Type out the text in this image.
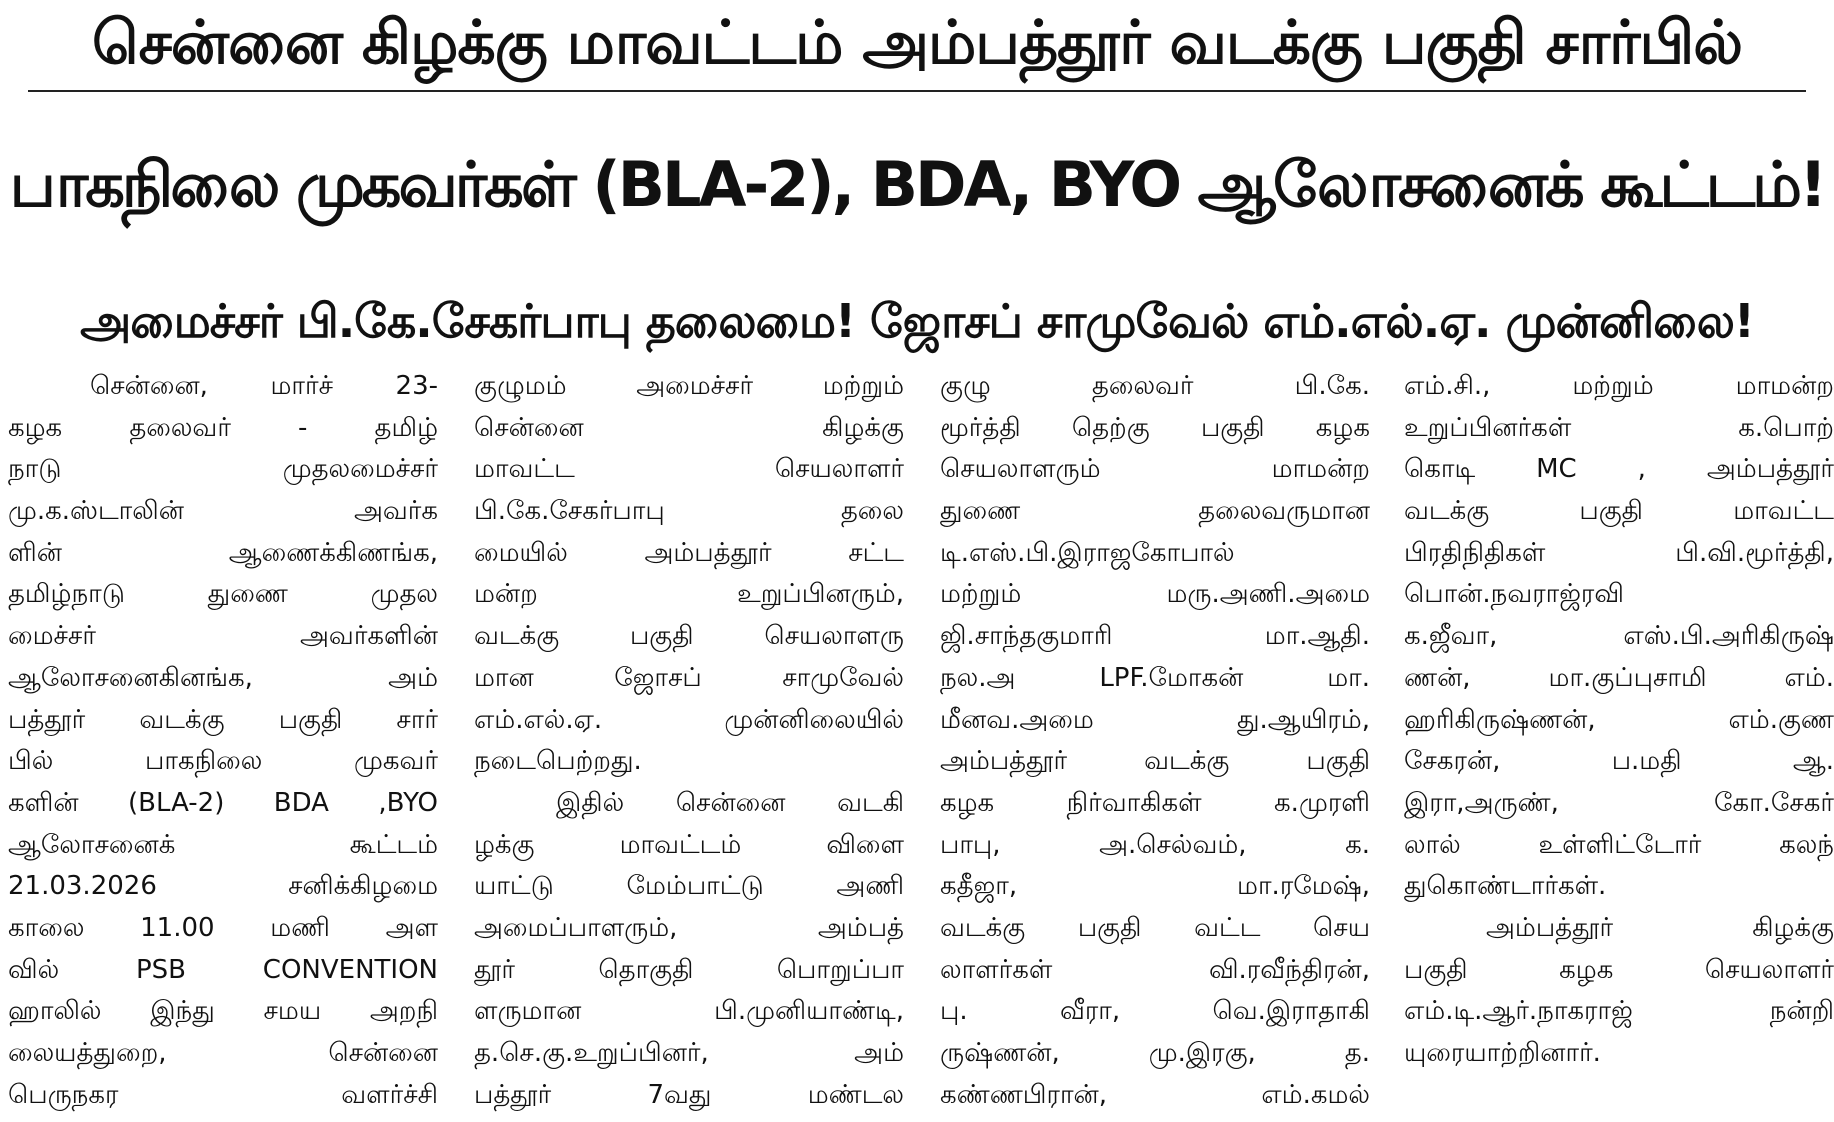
சென்னை கிழக்கு மாவட்டம் அம்பத்தூர் வடக்கு பகுதி சார்பில்
பாகநிலை முகவர்கள் (BLA-2), BDA, BYO ஆலோசனைக் கூட்டம்!
அமைச்சர் பி.கே.சேகர்பாபு தலைமை! ஜோசப் சாமுவேல் எம்.எல்.ஏ. முன்னிலை!
சென்னை, மார்ச் 23-
கழக தலைவர் - தமிழ்
நாடு முதலமைச்சர்
மு.க.ஸ்டாலின் அவர்க
ளின் ஆணைக்கிணங்க,
தமிழ்நாடு துணை முதல
மைச்சர் அவர்களின்
ஆலோசனைகினங்க, அம்
பத்தூர் வடக்கு பகுதி சார்
பில் பாகநிலை முகவர்
களின் (BLA-2) BDA ,BYO
ஆலோசனைக் கூட்டம்
21.03.2026 சனிக்கிழமை
காலை 11.00 மணி அள
வில் PSB CONVENTION
ஹாலில் இந்து சமய அறநி
லையத்துறை, சென்னை
பெருநகர வளர்ச்சி
குழுமம் அமைச்சர் மற்றும்
சென்னை கிழக்கு
மாவட்ட செயலாளர்
பி.கே.சேகர்பாபு தலை
மையில் அம்பத்தூர் சட்ட
மன்ற உறுப்பினரும்,
வடக்கு பகுதி செயலாளரு
மான ஜோசப் சாமுவேல்
எம்.எல்.ஏ. முன்னிலையில்
நடைபெற்றது.
இதில் சென்னை வடகி
ழக்கு மாவட்டம் விளை
யாட்டு மேம்பாட்டு அணி
அமைப்பாளரும், அம்பத்
தூர் தொகுதி பொறுப்பா
ளருமான பி.முனியாண்டி,
த.செ.கு.உறுப்பினர், அம்
பத்தூர் 7வது மண்டல
குழு தலைவர் பி.கே.
மூர்த்தி தெற்கு பகுதி கழக
செயலாளரும் மாமன்ற
துணை தலைவருமான
டி.எஸ்.பி.இராஜகோபால்
மற்றும் மரு.அணி.அமை
ஜி.சாந்தகுமாரி மா.ஆதி.
நல.அ LPF.மோகன் மா.
மீனவ.அமை து.ஆயிரம்,
அம்பத்தூர் வடக்கு பகுதி
கழக நிர்வாகிகள் க.முரளி
பாபு, அ.செல்வம், க.
கதீஜா, மா.ரமேஷ்,
வடக்கு பகுதி வட்ட செய
லாளர்கள் வி.ரவீந்திரன்,
பு. வீரா, வெ.இராதாகி
ருஷ்ணன், மு.இரகு, த.
கண்ணபிரான், எம்.கமல்
எம்.சி., மற்றும் மாமன்ற
உறுப்பினர்கள் க.பொற்
கொடி MC , அம்பத்தூர்
வடக்கு பகுதி மாவட்ட
பிரதிநிதிகள் பி.வி.மூர்த்தி,
பொன்.நவராஜ்ரவி
க.ஜீவா, எஸ்.பி.அரிகிருஷ்
ணன், மா.குப்புசாமி எம்.
ஹரிகிருஷ்ணன், எம்.குண
சேகரன், ப.மதி ஆ.
இரா,அருண், கோ.சேகர்
லால் உள்ளிட்டோர் கலந்
துகொண்டார்கள்.
அம்பத்தூர் கிழக்கு
பகுதி கழக செயலாளர்
எம்.டி.ஆர்.நாகராஜ் நன்றி
யுரையாற்றினார்.
